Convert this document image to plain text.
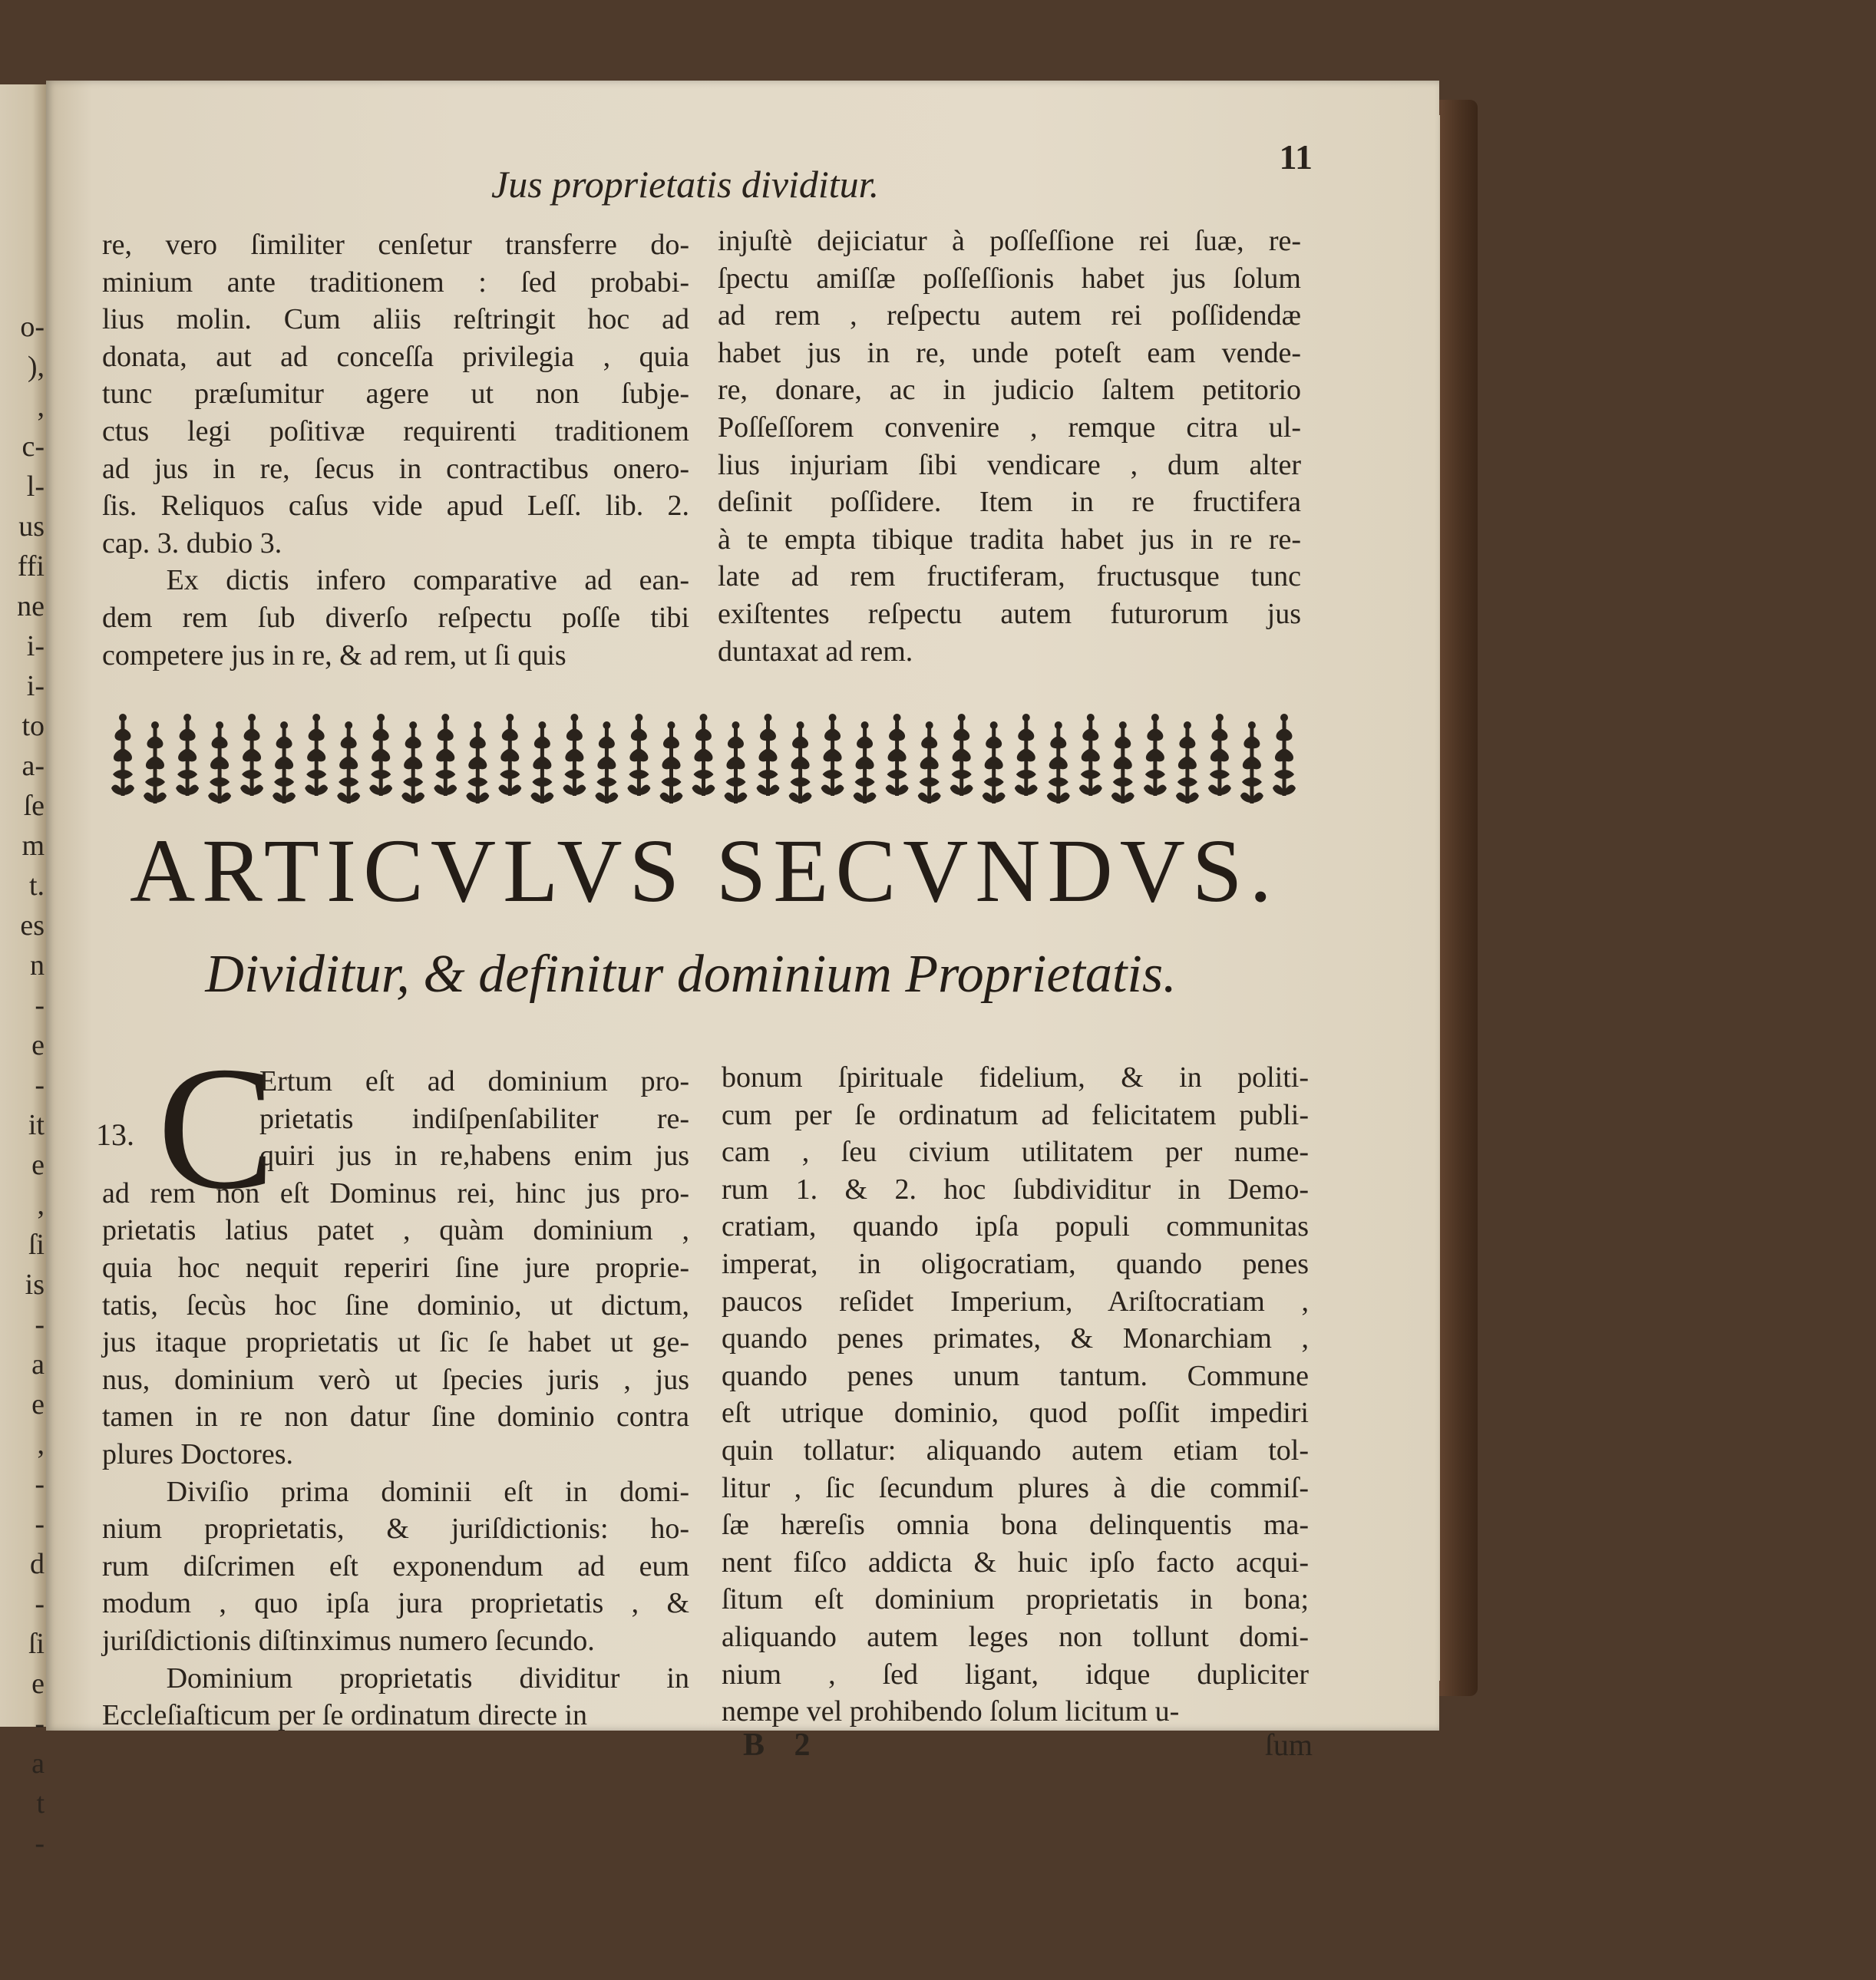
o-
),
,
c-
l-
us
ffi
ne
i-
i-
to
a-
ſe
m
t.
es
n
-
e
-
it
e
,
ſi
is
-
a
e
,
-
-
d
-
ſi
e
-
a
t
-
Jus proprietatis dividitur.
11

re, vero ſimiliter cenſetur transferre do-

minium ante traditionem : ſed probabi-

lius molin. Cum aliis reſtringit hoc ad

donata, aut ad conceſſa privilegia , quia

tunc præſumitur agere ut non ſubje-

ctus legi poſitivæ requirenti traditionem

ad jus in re, ſecus in contractibus onero-

ſis. Reliquos caſus vide apud Leſſ. lib. 2.

cap. 3. dubio 3.

Ex dictis infero comparative ad ean-

dem rem ſub diverſo reſpectu poſſe tibi

competere jus in re, & ad rem, ut ſi quis

injuſtè dejiciatur à poſſeſſione rei ſuæ, re-

ſpectu amiſſæ poſſeſſionis habet jus ſolum

ad rem , reſpectu autem rei poſſidendæ

habet jus in re, unde poteſt eam vende-

re, donare, ac in judicio ſaltem petitorio

Poſſeſſorem convenire , remque citra ul-

lius injuriam ſibi vendicare , dum alter

deſinit poſſidere. Item in re fructifera

à te empta tibique tradita habet jus in re re-

late ad rem fructiferam, fructusque tunc

exiſtentes reſpectu autem futurorum jus

duntaxat ad rem.

ARTICVLVS SECVNDVS.
Dividitur, & definitur dominium Proprietatis.
13. C

Ertum eſt ad dominium pro-

prietatis indiſpenſabiliter re-

quiri jus in re,habens enim jus

ad rem non eſt Dominus rei, hinc jus pro-

prietatis latius patet , quàm dominium ,

quia hoc nequit reperiri ſine jure proprie-

tatis, ſecùs hoc ſine dominio, ut dictum,

jus itaque proprietatis ut ſic ſe habet ut ge-

nus, dominium verò ut ſpecies juris , jus

tamen in re non datur ſine dominio contra

plures Doctores.

Diviſio prima dominii eſt in domi-

nium proprietatis, & juriſdictionis: ho-

rum diſcrimen eſt exponendum ad eum

modum , quo ipſa jura proprietatis , &

juriſdictionis diſtinximus numero ſecundo.

Dominium proprietatis dividitur in

Eccleſiaſticum per ſe ordinatum directe in

bonum ſpirituale fidelium, & in politi-

cum per ſe ordinatum ad felicitatem publi-

cam , ſeu civium utilitatem per nume-

rum 1. & 2. hoc ſubdividitur in Demo-

cratiam, quando ipſa populi communitas

imperat, in oligocratiam, quando penes

paucos reſidet Imperium, Ariſtocratiam ,

quando penes primates, & Monarchiam ,

quando penes unum tantum. Commune

eſt utrique dominio, quod poſſit impediri

quin tollatur: aliquando autem etiam tol-

litur , ſic ſecundum plures à die commiſ-

ſæ hæreſis omnia bona delinquentis ma-

nent fiſco addicta & huic ipſo facto acqui-

ſitum eſt dominium proprietatis in bona;

aliquando autem leges non tollunt domi-

nium , ſed ligant, idque dupliciter

nempe vel prohibendo ſolum licitum u-

B 2	ſum
